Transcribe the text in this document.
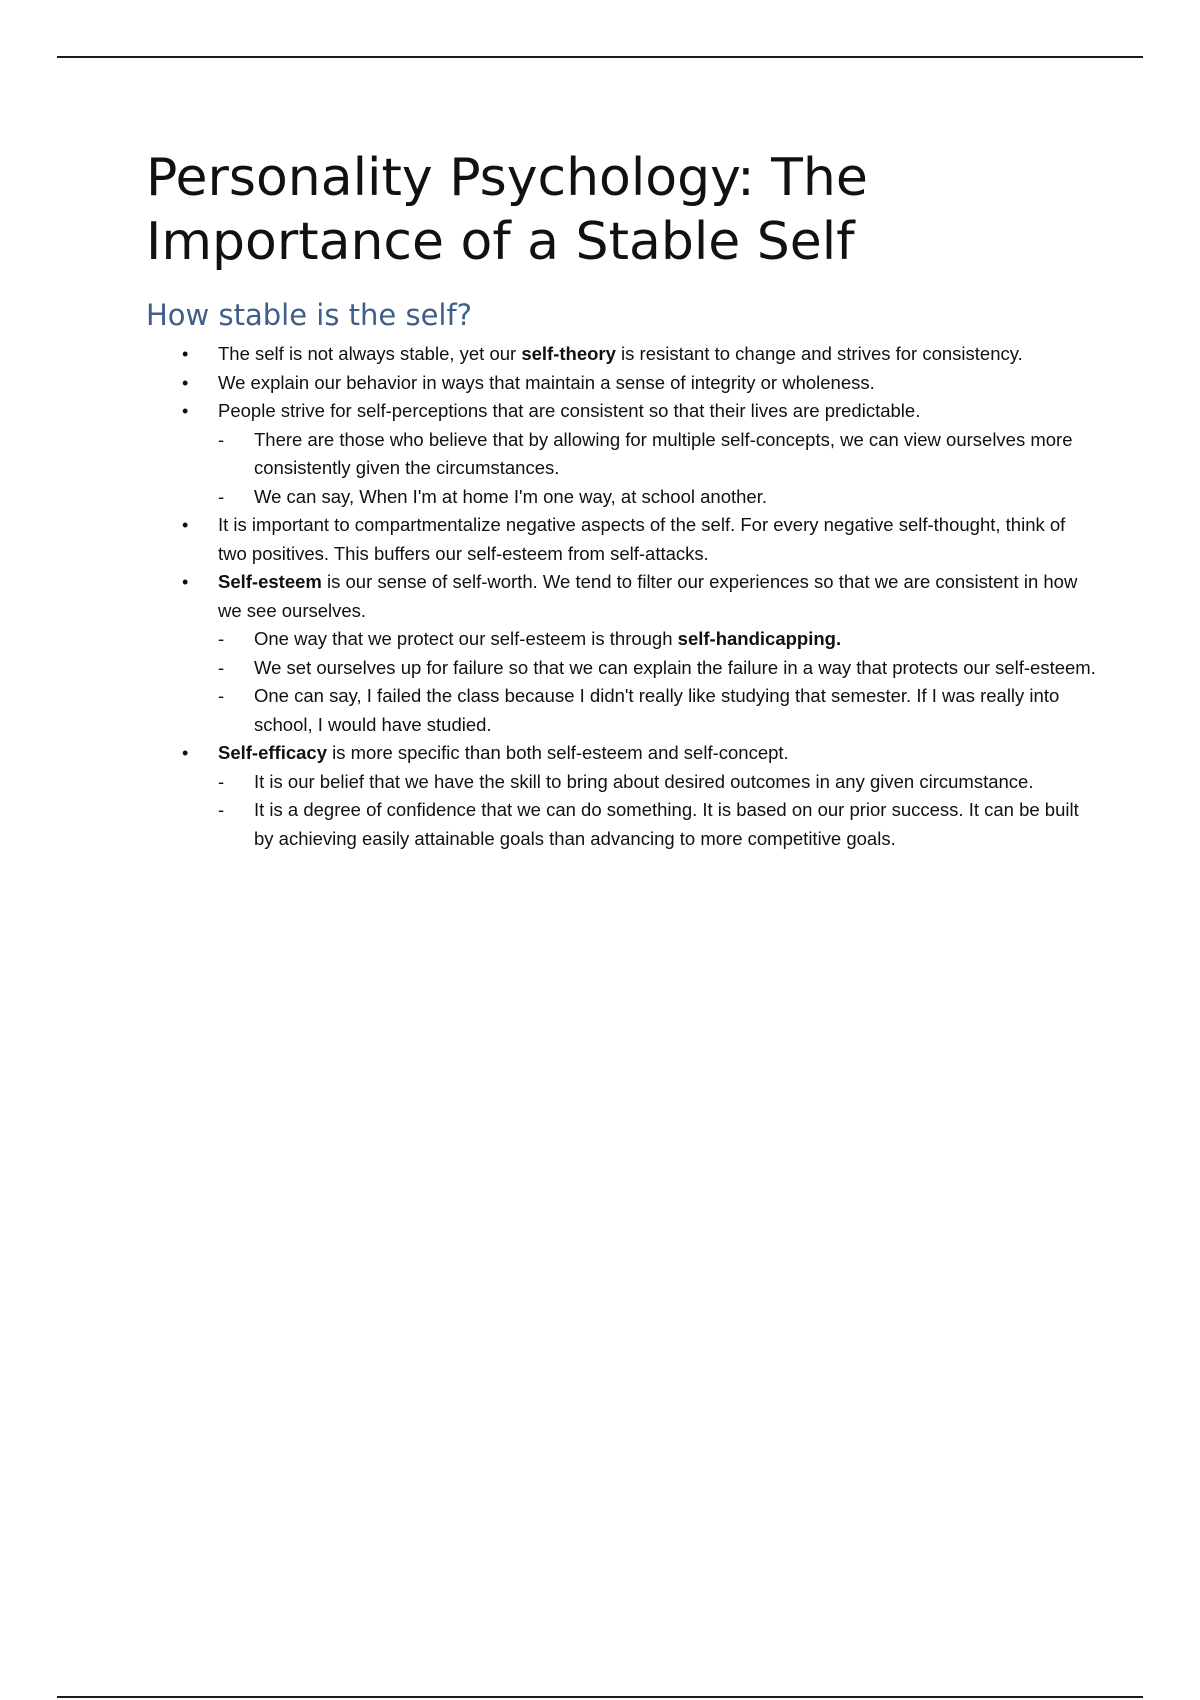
Personality Psychology: The Importance of a Stable Self
How stable is the self?
• The self is not always stable, yet our self-theory is resistant to change and strives for consistency.
• We explain our behavior in ways that maintain a sense of integrity or wholeness.
• People strive for self-perceptions that are consistent so that their lives are predictable.
- There are those who believe that by allowing for multiple self-concepts, we can view ourselves more consistently given the circumstances.
- We can say, When I'm at home I'm one way, at school another.
• It is important to compartmentalize negative aspects of the self. For every negative self-thought, think of two positives. This buffers our self-esteem from self-attacks.
• Self-esteem is our sense of self-worth. We tend to filter our experiences so that we are consistent in how we see ourselves.
- One way that we protect our self-esteem is through self-handicapping.
- We set ourselves up for failure so that we can explain the failure in a way that protects our self-esteem.
- One can say, I failed the class because I didn't really like studying that semester. If I was really into school, I would have studied.
• Self-efficacy is more specific than both self-esteem and self-concept.
- It is our belief that we have the skill to bring about desired outcomes in any given circumstance.
- It is a degree of confidence that we can do something. It is based on our prior success. It can be built by achieving easily attainable goals than advancing to more competitive goals.
